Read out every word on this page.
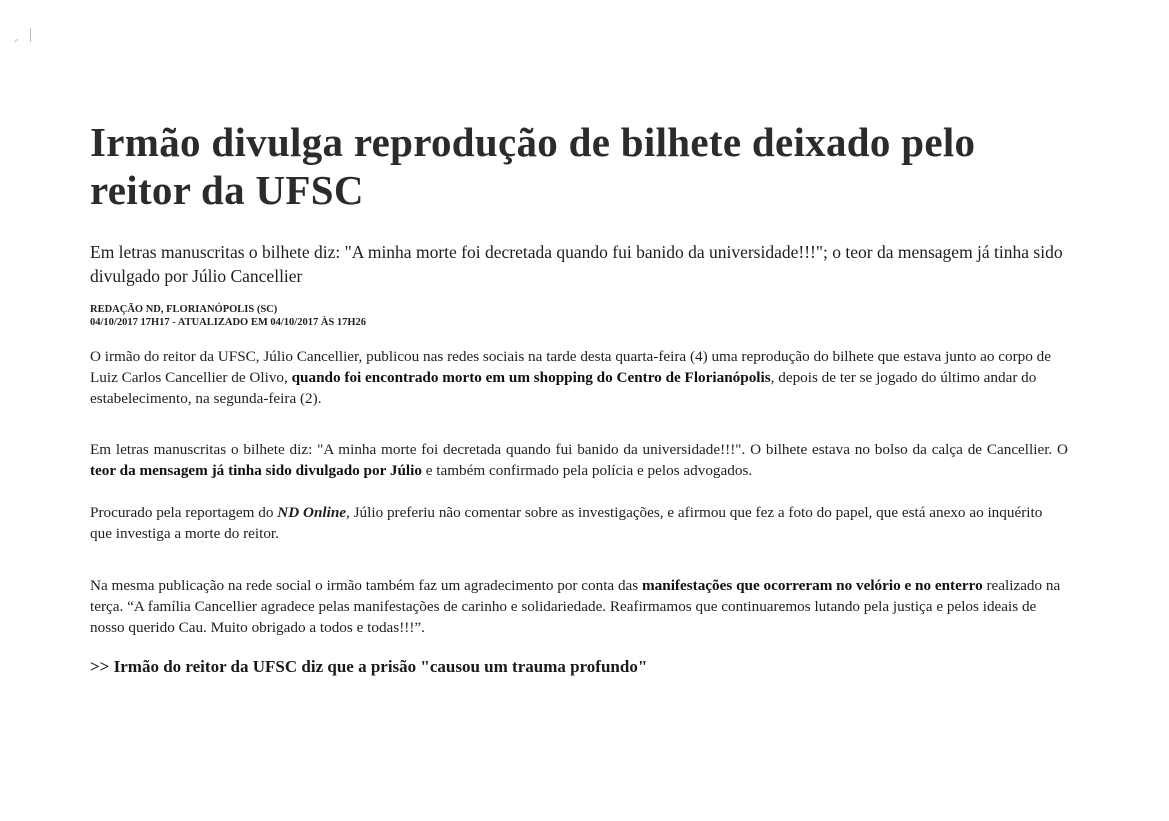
Irmão divulga reprodução de bilhete deixado pelo reitor da UFSC

Em letras manuscritas o bilhete diz: "A minha morte foi decretada quando fui banido da universidade!!!"; o teor da mensagem já tinha sido divulgado por Júlio Cancellier

REDAÇÃO ND, FLORIANÓPOLIS (SC)
04/10/2017 17H17 - ATUALIZADO EM 04/10/2017 ÀS 17H26

O irmão do reitor da UFSC, Júlio Cancellier, publicou nas redes sociais na tarde desta quarta-feira (4) uma reprodução do bilhete que estava junto ao corpo de Luiz Carlos Cancellier de Olivo, quando foi encontrado morto em um shopping do Centro de Florianópolis, depois de ter se jogado do último andar do estabelecimento, na segunda-feira (2).

Em letras manuscritas o bilhete diz: "A minha morte foi decretada quando fui banido da universidade!!!". O bilhete estava no bolso da calça de Cancellier. O teor da mensagem já tinha sido divulgado por Júlio e também confirmado pela polícia e pelos advogados.

Procurado pela reportagem do ND Online, Júlio preferiu não comentar sobre as investigações, e afirmou que fez a foto do papel, que está anexo ao inquérito que investiga a morte do reitor.

Na mesma publicação na rede social o irmão também faz um agradecimento por conta das manifestações que ocorreram no velório e no enterro realizado na terça. “A família Cancellier agradece pelas manifestações de carinho e solidariedade. Reafirmamos que continuaremos lutando pela justiça e pelos ideais de nosso querido Cau. Muito obrigado a todos e todas!!!”.

>> Irmão do reitor da UFSC diz que a prisão "causou um trauma profundo"
